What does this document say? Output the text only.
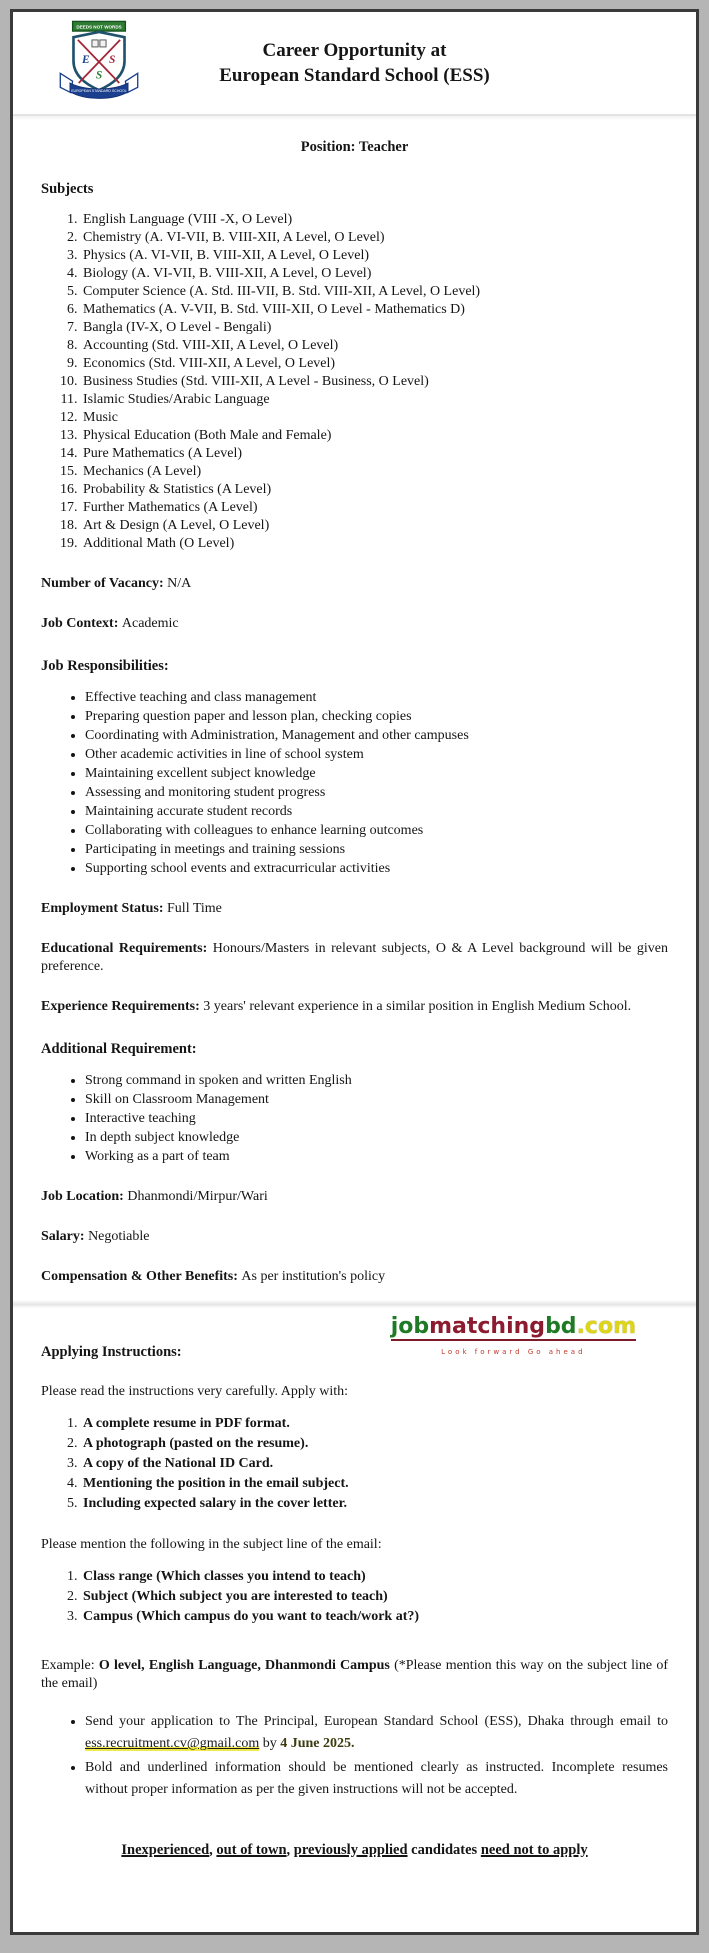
DEEDS NOT WORDS
E S
S
EUROPEAN STANDARD SCHOOL
Career Opportunity at
European Standard School (ESS)

Position: Teacher

Subjects
1. English Language (VIII -X, O Level)
2. Chemistry (A. VI-VII, B. VIII-XII, A Level, O Level)
3. Physics (A. VI-VII, B. VIII-XII, A Level, O Level)
4. Biology (A. VI-VII, B. VIII-XII, A Level, O Level)
5. Computer Science (A. Std. III-VII, B. Std. VIII-XII, A Level, O Level)
6. Mathematics (A. V-VII, B. Std. VIII-XII, O Level - Mathematics D)
7. Bangla (IV-X, O Level - Bengali)
8. Accounting (Std. VIII-XII, A Level, O Level)
9. Economics (Std. VIII-XII, A Level, O Level)
10. Business Studies (Std. VIII-XII, A Level - Business, O Level)
11. Islamic Studies/Arabic Language
12. Music
13. Physical Education (Both Male and Female)
14. Pure Mathematics (A Level)
15. Mechanics (A Level)
16. Probability & Statistics (A Level)
17. Further Mathematics (A Level)
18. Art & Design (A Level, O Level)
19. Additional Math (O Level)

Number of Vacancy: N/A

Job Context: Academic

Job Responsibilities:
• Effective teaching and class management
• Preparing question paper and lesson plan, checking copies
• Coordinating with Administration, Management and other campuses
• Other academic activities in line of school system
• Maintaining excellent subject knowledge
• Assessing and monitoring student progress
• Maintaining accurate student records
• Collaborating with colleagues to enhance learning outcomes
• Participating in meetings and training sessions
• Supporting school events and extracurricular activities

Employment Status: Full Time

Educational Requirements: Honours/Masters in relevant subjects, O & A Level background will be given preference.

Experience Requirements: 3 years' relevant experience in a similar position in English Medium School.

Additional Requirement:
• Strong command in spoken and written English
• Skill on Classroom Management
• Interactive teaching
• In depth subject knowledge
• Working as a part of team

Job Location: Dhanmondi/Mirpur/Wari

Salary: Negotiable

Compensation & Other Benefits: As per institution's policy

Applying Instructions:
jobmatchingbd.com
Look forward Go ahead

Please read the instructions very carefully. Apply with:

1. A complete resume in PDF format.
2. A photograph (pasted on the resume).
3. A copy of the National ID Card.
4. Mentioning the position in the email subject.
5. Including expected salary in the cover letter.

Please mention the following in the subject line of the email:

1. Class range (Which classes you intend to teach)
2. Subject (Which subject you are interested to teach)
3. Campus (Which campus do you want to teach/work at?)

Example: O level, English Language, Dhanmondi Campus (*Please mention this way on the subject line of the email)

• Send your application to The Principal, European Standard School (ESS), Dhaka through email to ess.recruitment.cv@gmail.com by 4 June 2025.
• Bold and underlined information should be mentioned clearly as instructed. Incomplete resumes without proper information as per the given instructions will not be accepted.

Inexperienced, out of town, previously applied candidates need not to apply
